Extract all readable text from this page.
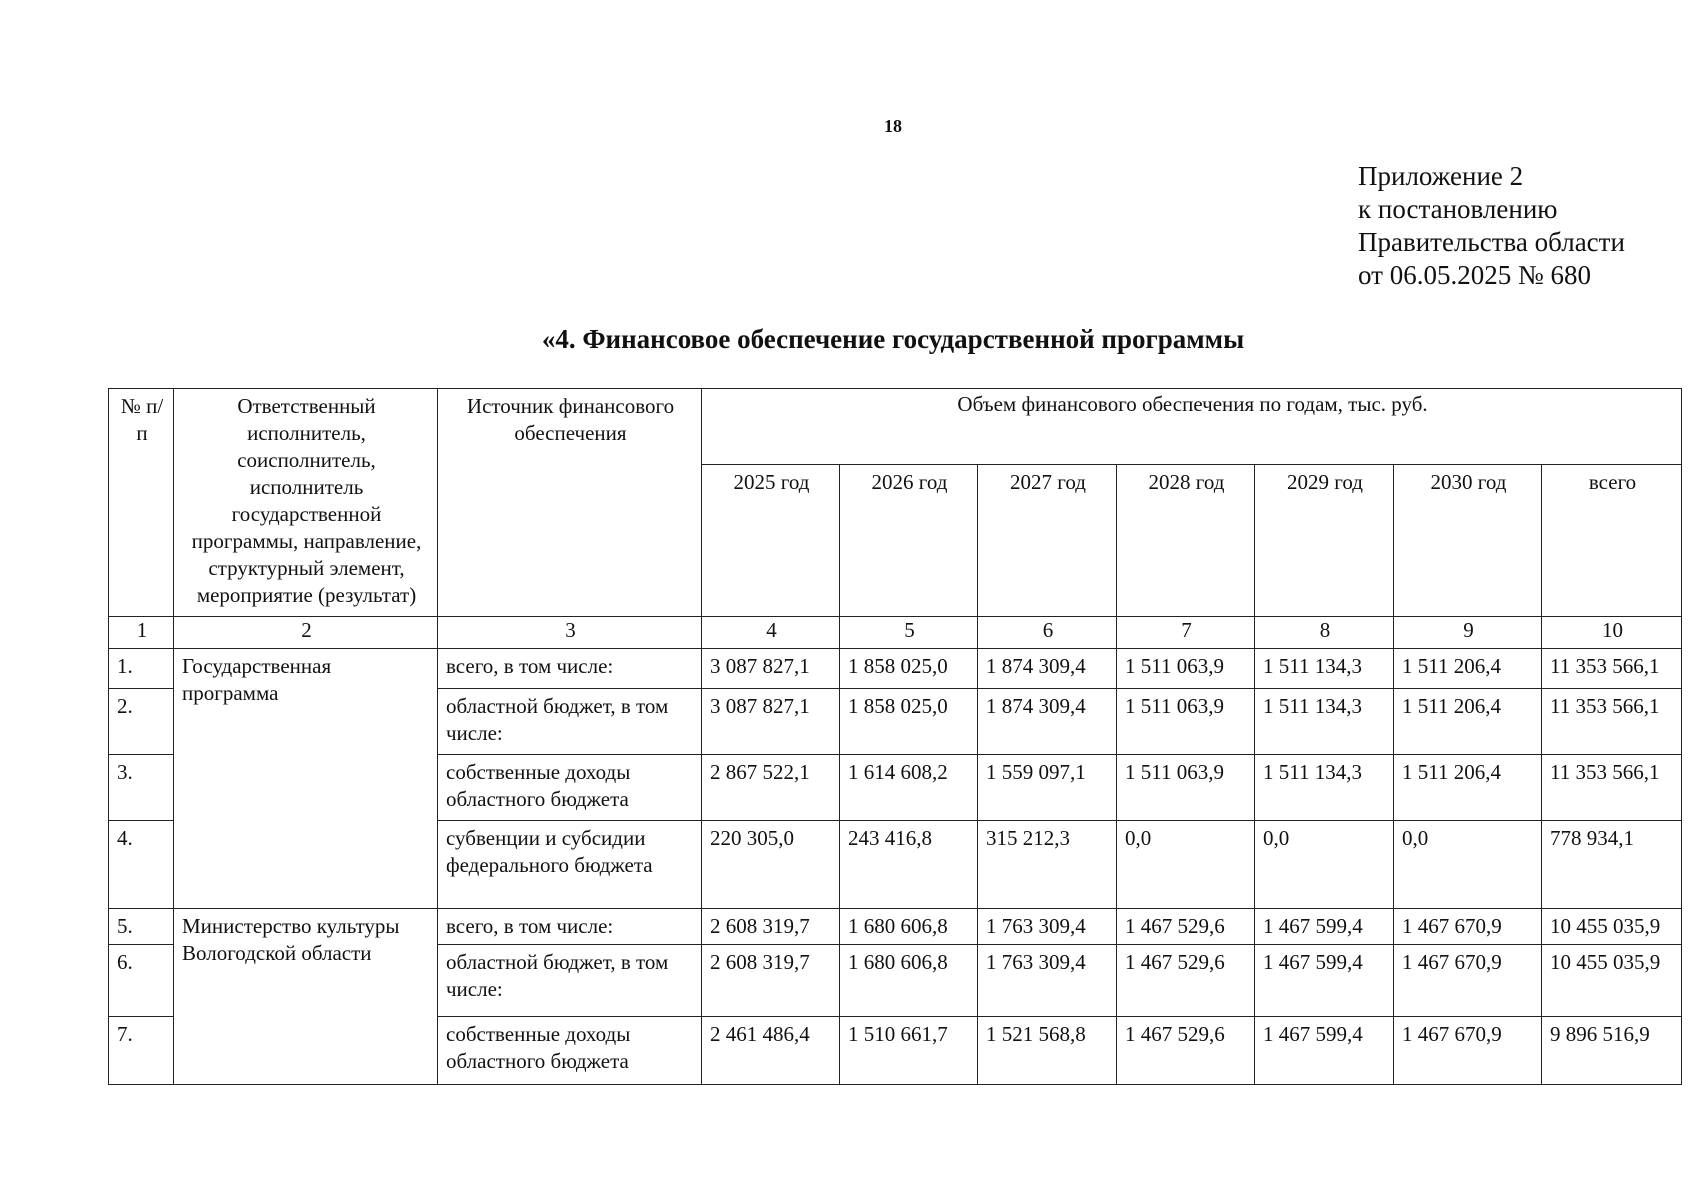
18
Приложение 2
к постановлению
Правительства области
от 06.05.2025 № 680
«4. Финансовое обеспечение государственной программы
№ п/п	Ответственный исполнитель, соисполнитель, исполнитель государственной программы, направление, структурный элемент, мероприятие (результат)	Источник финансового обеспечения	Объем финансового обеспечения по годам, тыс. руб.						
			2025 год	2026 год	2027 год	2028 год	2029 год	2030 год	всего
1	2	3	4	5	6	7	8	9	10
1.	Государственная программа	всего, в том числе:	3 087 827,1	1 858 025,0	1 874 309,4	1 511 063,9	1 511 134,3	1 511 206,4	11 353 566,1
2.		областной бюджет, в том числе:	3 087 827,1	1 858 025,0	1 874 309,4	1 511 063,9	1 511 134,3	1 511 206,4	11 353 566,1
3.		собственные доходы областного бюджета	2 867 522,1	1 614 608,2	1 559 097,1	1 511 063,9	1 511 134,3	1 511 206,4	11 353 566,1
4.		субвенции и субсидии федерального бюджета	220 305,0	243 416,8	315 212,3	0,0	0,0	0,0	778 934,1
5.	Министерство культуры Вологодской области	всего, в том числе:	2 608 319,7	1 680 606,8	1 763 309,4	1 467 529,6	1 467 599,4	1 467 670,9	10 455 035,9
6.		областной бюджет, в том числе:	2 608 319,7	1 680 606,8	1 763 309,4	1 467 529,6	1 467 599,4	1 467 670,9	10 455 035,9
7.		собственные доходы областного бюджета	2 461 486,4	1 510 661,7	1 521 568,8	1 467 529,6	1 467 599,4	1 467 670,9	9 896 516,9
